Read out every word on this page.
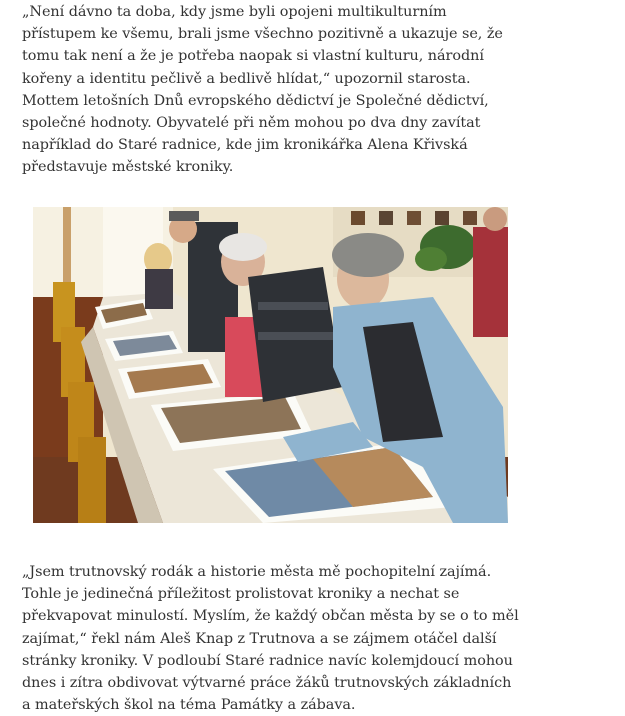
„Není dávno ta doba, kdy jsme byli opojeni multikulturním přístupem ke všemu, brali jsme všechno pozitivně a ukazuje se, že tomu tak není a že je potřeba naopak si vlastní kulturu, národní kořeny a identitu pečlivě a bedlivě hlídat,“ upozornil starosta. Mottem letošních Dnů evropského dědictví je Společné dědictví, společné hodnoty. Obyvatelé při něm mohou po dva dny zavítat například do Staré radnice, kde jim kronikářka Alena Křivská představuje městské kroniky.

„Jsem trutnovský rodák a historie města mě pochopitelní zajímá. Tohle je jedinečná příležitost prolistovat kroniky a nechat se překvapovat minulostí. Myslím, že každý občan města by se o to měl zajímat,“ řekl nám Aleš Knap z Trutnova a se zájmem otáčel další stránky kroniky. V podloubí Staré radnice navíc kolemjdoucí mohou dnes i zítra obdivovat výtvarné práce žáků trutnovských základních a mateřských škol na téma Památky a zábava.
